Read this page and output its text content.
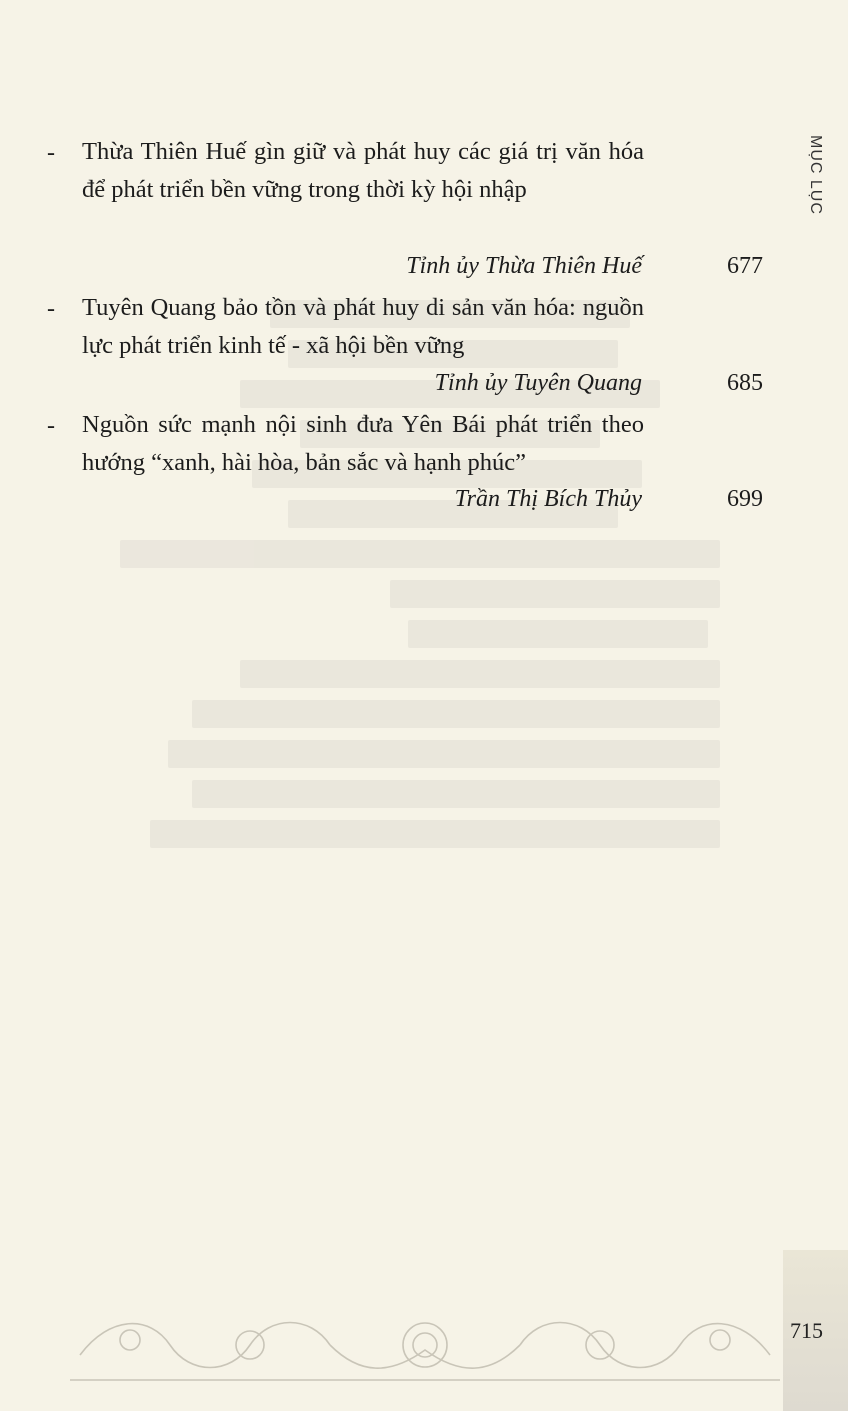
MỤC LỤC
- Thừa Thiên Huế gìn giữ và phát huy các giá trị văn hóa để phát triển bền vững trong thời kỳ hội nhập
Tỉnh ủy Thừa Thiên Huế	677
- Tuyên Quang bảo tồn và phát huy di sản văn hóa: nguồn lực phát triển kinh tế - xã hội bền vững
Tỉnh ủy Tuyên Quang	685
- Nguồn sức mạnh nội sinh đưa Yên Bái phát triển theo hướng “xanh, hài hòa, bản sắc và hạnh phúc”
Trần Thị Bích Thủy	699
715
